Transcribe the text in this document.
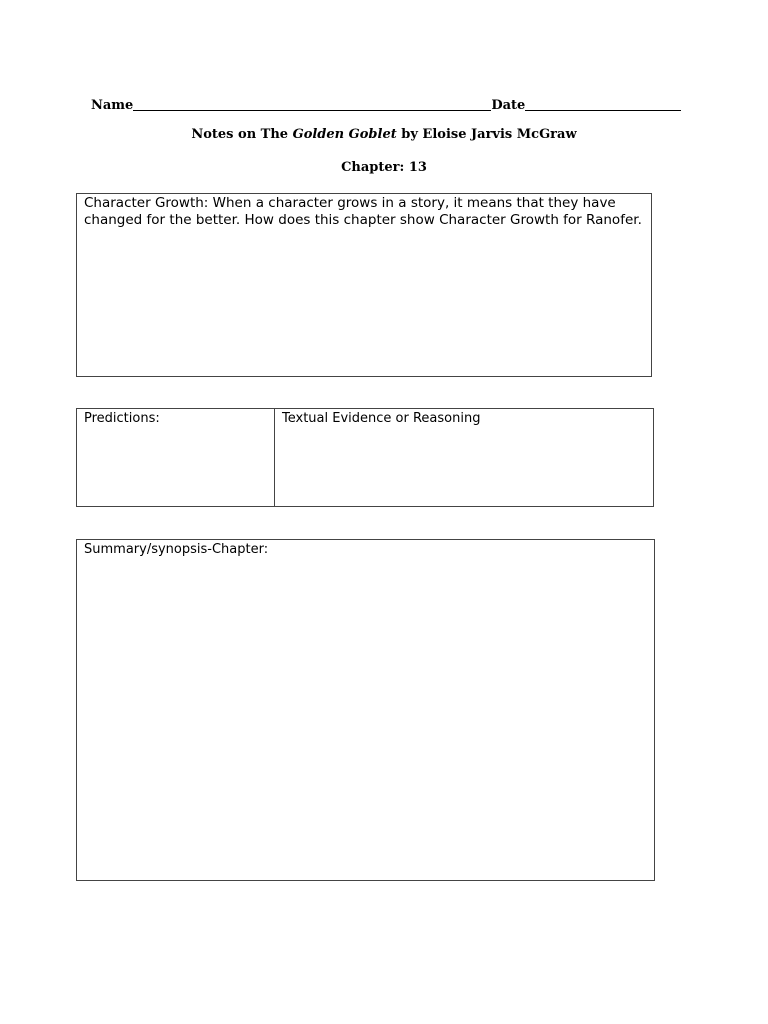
Name	Date
Notes on The Golden Goblet by Eloise Jarvis McGraw
Chapter: 13
Character Growth: When a character grows in a story, it means that they have changed for the better. How does this chapter show Character Growth for Ranofer.
Predictions:	Textual Evidence or Reasoning
Summary/synopsis-Chapter:
